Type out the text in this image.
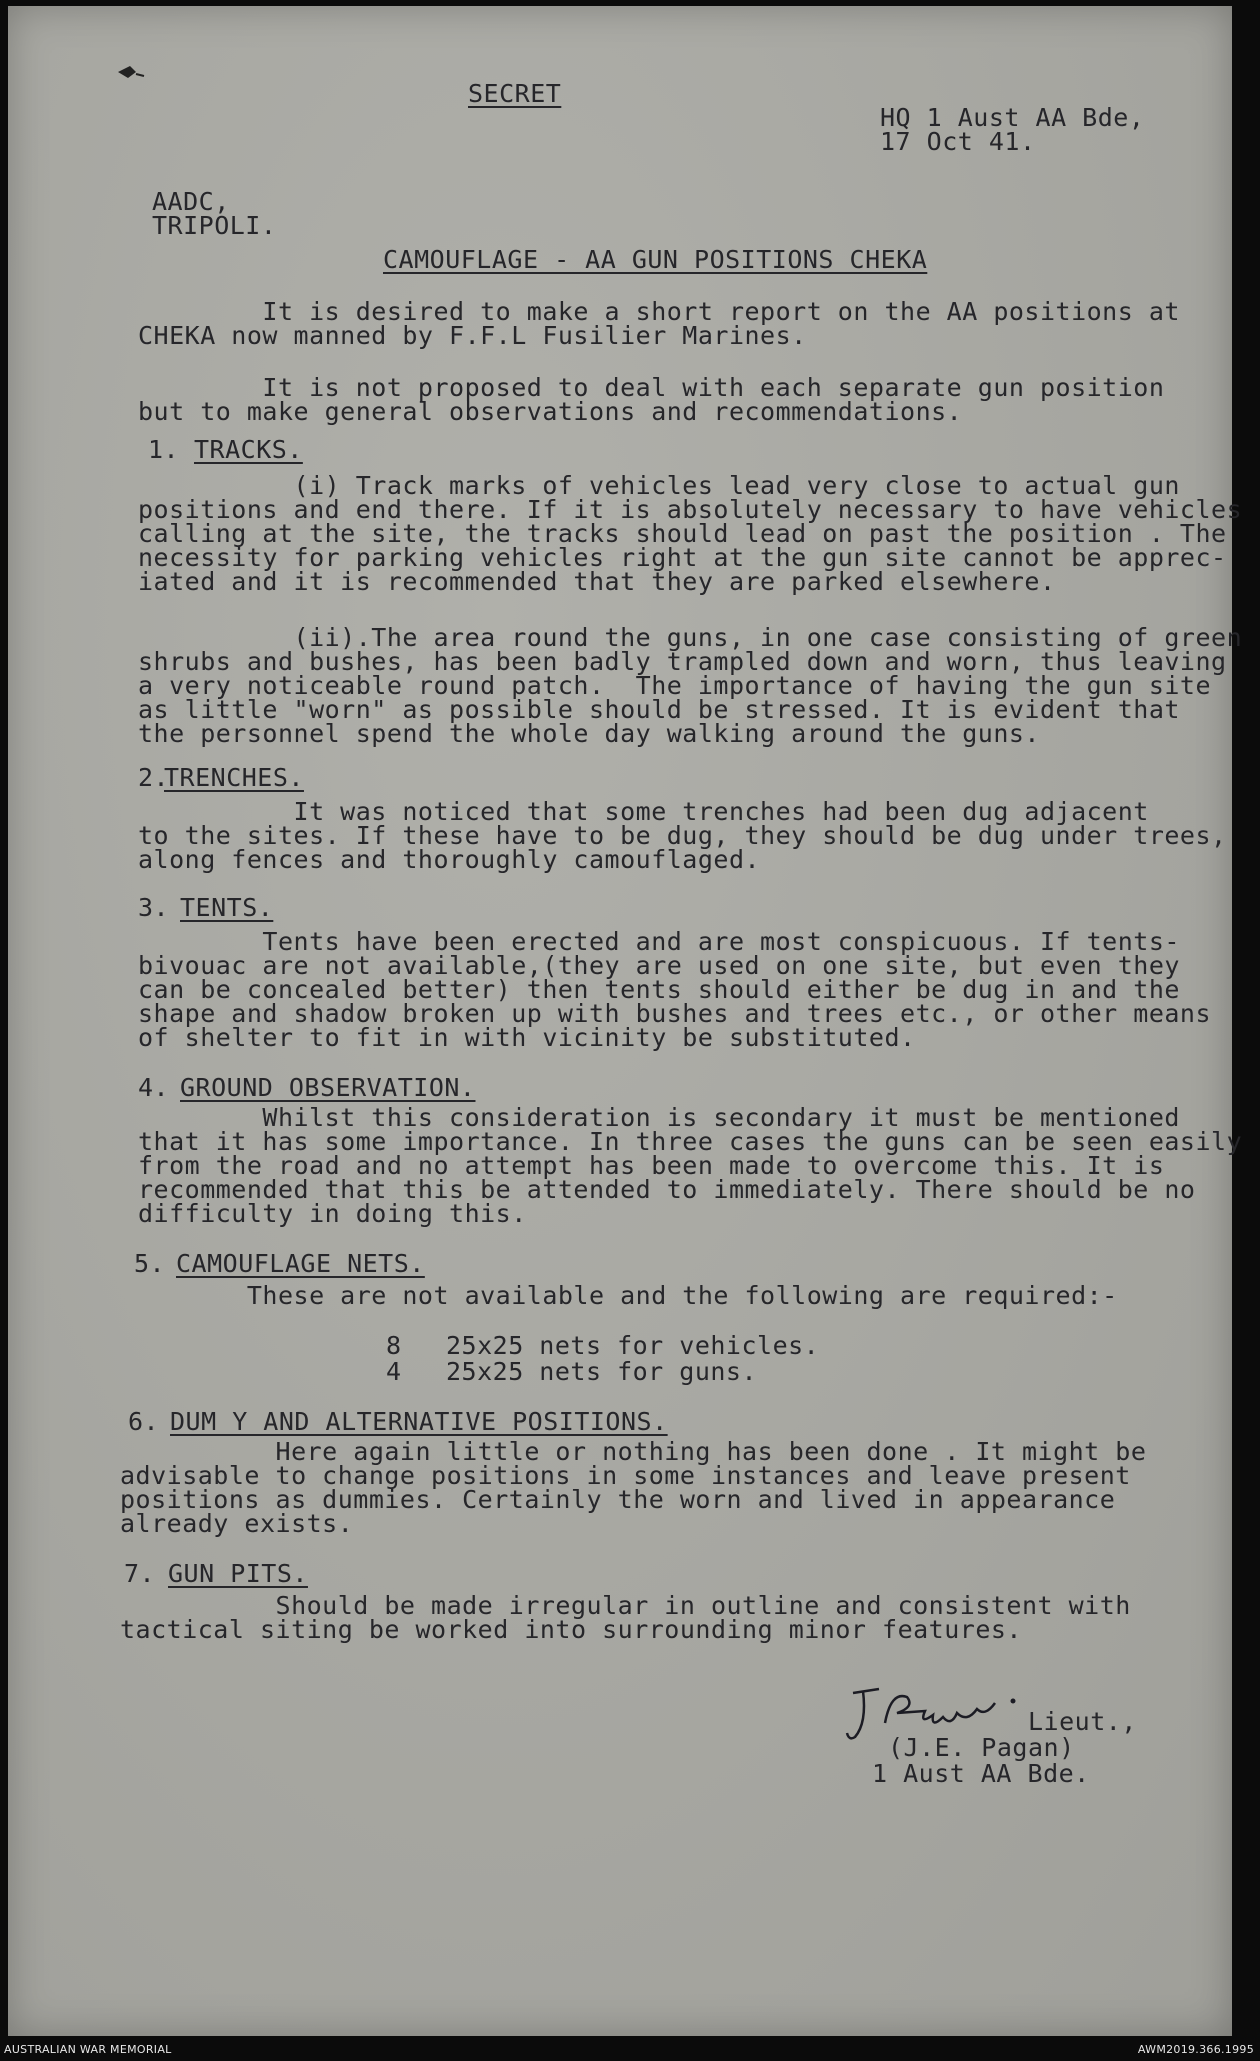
SECRET
HQ 1 Aust AA Bde,
17 Oct 41.
AADC,
TRIPOLI.
CAMOUFLAGE - AA GUN POSITIONS CHEKA
It is desired to make a short report on the AA positions at
CHEKA now manned by F.F.L Fusilier Marines.
It is not proposed to deal with each separate gun position
but to make general observations and recommendations.
1. TRACKS.
(i) Track marks of vehicles lead very close to actual gun
positions and end there. If it is absolutely necessary to have vehicles
calling at the site, the tracks should lead on past the position . The
necessity for parking vehicles right at the gun site cannot be apprec-
iated and it is recommended that they are parked elsewhere.
(ii).The area round the guns, in one case consisting of green
shrubs and bushes, has been badly trampled down and worn, thus leaving
a very noticeable round patch.  The importance of having the gun site
as little "worn" as possible should be stressed. It is evident that
the personnel spend the whole day walking around the guns.
2.
TRENCHES.
It was noticed that some trenches had been dug adjacent
to the sites. If these have to be dug, they should be dug under trees,
along fences and thoroughly camouflaged.
3. TENTS.
Tents have been erected and are most conspicuous. If tents-
bivouac are not available,(they are used on one site, but even they
can be concealed better) then tents should either be dug in and the
shape and shadow broken up with bushes and trees etc., or other means
of shelter to fit in with vicinity be substituted.
4. GROUND OBSERVATION.
Whilst this consideration is secondary it must be mentioned
that it has some importance. In three cases the guns can be seen easily
from the road and no attempt has been made to overcome this. It is
recommended that this be attended to immediately. There should be no
difficulty in doing this.
5. CAMOUFLAGE NETS.
These are not available and the following are required:-
8 25x25 nets for vehicles.
4 25x25 nets for guns.
6. DUM Y AND ALTERNATIVE POSITIONS.
Here again little or nothing has been done . It might be
advisable to change positions in some instances and leave present
positions as dummies. Certainly the worn and lived in appearance
already exists.
7. GUN PITS.
Should be made irregular in outline and consistent with
tactical siting be worked into surrounding minor features.
Lieut.,
(J.E. Pagan)
1 Aust AA Bde.
AUSTRALIAN WAR MEMORIAL	AWM2019.366.1995
